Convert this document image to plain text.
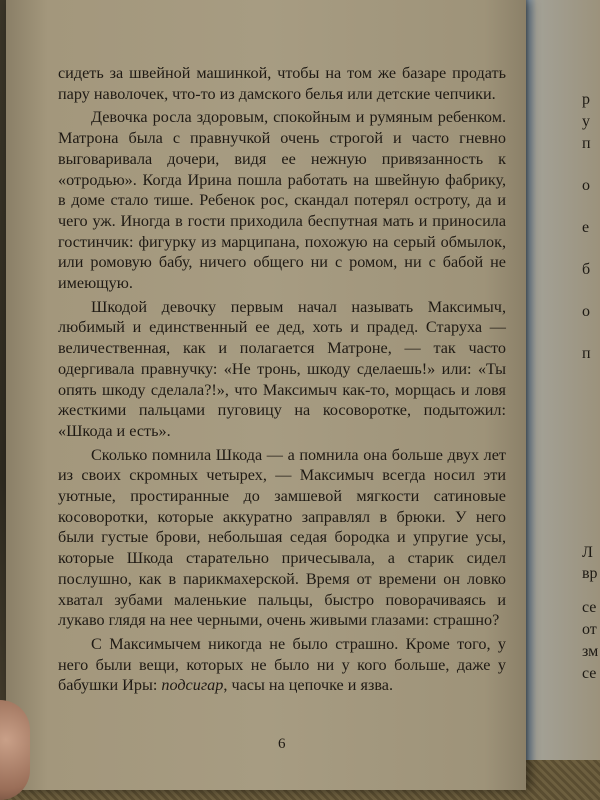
р
у
п
о
е
б
о
п
Л
вр
се
от
зм
се

сидеть за швейной машинкой, чтобы на том же базаре продать пару наволочек, что-то из дамского белья или детские чепчики.

Девочка росла здоровым, спокойным и румяным ребенком. Матрона была с правнучкой очень строгой и часто гневно выговаривала дочери, видя ее нежную привязанность к «отродью». Когда Ирина пошла работать на швейную фабрику, в доме стало тише. Ребенок рос, скандал потерял остроту, да и чего уж. Иногда в гости приходила беспутная мать и приносила гостинчик: фигурку из марципана, похожую на серый обмылок, или ромовую бабу, ничего общего ни с ромом, ни с бабой не имеющую.

Шкодой девочку первым начал называть Максимыч, любимый и единственный ее дед, хоть и прадед. Старуха — величественная, как и полагается Матроне, — так часто одергивала правнучку: «Не тронь, шкоду сделаешь!» или: «Ты опять шкоду сделала?!», что Максимыч как-то, морщась и ловя жесткими пальцами пуговицу на косоворотке, подытожил: «Шкода и есть».

Сколько помнила Шкода — а помнила она больше двух лет из своих скромных четырех, — Максимыч всегда носил эти уютные, простиранные до замшевой мягкости сатиновые косоворотки, которые аккуратно заправлял в брюки. У него были густые брови, небольшая седая бородка и упругие усы, которые Шкода старательно причесывала, а старик сидел послушно, как в парикмахерской. Время от времени он ловко хватал зубами маленькие пальцы, быстро поворачиваясь и лукаво глядя на нее черными, очень живыми глазами: страшно?

С Максимычем никогда не было страшно. Кроме того, у него были вещи, которых не было ни у кого больше, даже у бабушки Иры: подсигар, часы на цепочке и язва.

6
